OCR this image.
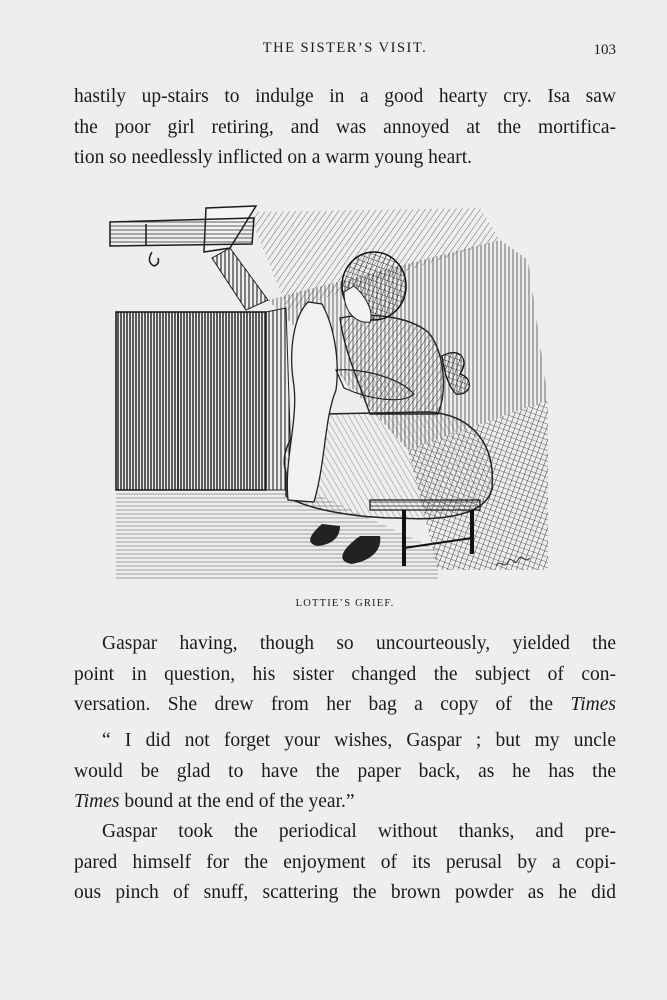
THE SISTER’S VISIT.	103

hastily up-stairs to indulge in a good hearty cry. Isa saw
the poor girl retiring, and was annoyed at the mortifica-
tion so needlessly inflicted on a warm young heart.

LOTTIE’S GRIEF.

Gaspar having, though so uncourteously, yielded the
point in question, his sister changed the subject of con-
versation. She drew from her bag a copy of the Times

“ I did not forget your wishes, Gaspar ; but my uncle
would be glad to have the paper back, as he has the
Times bound at the end of the year.”

Gaspar took the periodical without thanks, and pre-
pared himself for the enjoyment of its perusal by a copi-
ous pinch of snuff, scattering the brown powder as he did
